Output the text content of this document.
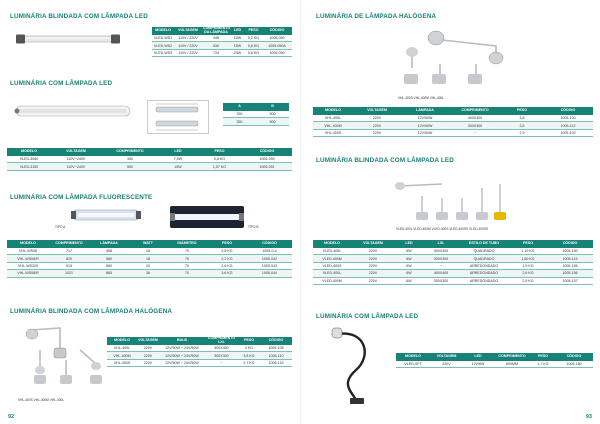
LUMINÁRIA BLINDADA COM LÂMPADA LED
MODELO	VOLTAGEM	COMPRIMENTO DA LÂMPADA	LED	PESO	CÓDIGO
VLED-WS1	110V / 220V	446	10W	0,2 KG	1005-050
VLED-WS2	110V / 220V	530	15W	0,6 KG	1005-050A
VLED-WS3	110V / 220V	734	24W	0,6 KG	1005-050
LUMINÁRIA COM LÂMPADA LED
A	B
250	500
350	500
MODELO	VOLTAGEM	COMPRIMENTO	LED	PESO	CÓDIGO
VLED-3060	110V~240V	300	7,5W	0,8 KG	1005-090
VLED-3150	110V~240V	500	15W	1,07 KG	1005-091
LUMINÁRIA COM LÂMPADA FLUORESCENTE
TIPO A	TIPO B
MODELO	COMPRIMENTO	LÂMPADA	WATT	DIÂMETRO	PESO	CÓDIGO
VHL-WS08	717	458	15	70	2,8 KG	1005-0-4
VHL-WS08/R	820	560	18	70	2,2 KG	1005-042
VHL-WS320	915	560	20	70	2,6 KG	1005-043
VHL-WS08/R	1021	865	36	70	3,6 KG	1005-044
LUMINÁRIA BLINDADA COM LÂMPADA HALÓGENA
VHL-400S VHL-400M VHL-400L
MODELO	VOLTAGEM	BULB	COMPRIMENTO LXL	PESO	CÓDIGO
VHL-400L	220V	12V/50W ~ 24V/50W	400X400	4 KG	1005-105
VHL-400M	220V	12V/50W ~ 24V/50W	300X300	3,8 KG	1005-110
VHL-400S	220V	12V/50W ~ 24V/50W	~	2,7 KG	1005-115
92
LUMINÁRIA DE LÂMPADA HALÓGENA
VHL-400S VHL-400M VHL-400L
MODELO	VOLTAGEM	LÂMPADA	COMPRIMENTO	PESO	CÓDIGO
VHL-400L	220V	12V/50W	400X400	3,8	1005-100
VHL-400M	220V	12V/50W	300X300	3,5	1005-112
VHL-400S	220V	12V/50W	~	2,9	1005-102
LUMINÁRIA BLINDADA COM LÂMPADA LED
VLED-400L VLED-400M VLED-400S VLED-400SS VLED-400SS
MODELO	VOLTAGEM	LED	LXL	ESTILO DE TUBO	PESO	CÓDIGO
VLED-400L	220V	6W	400X400	QUADRADO	1,10 KG	1005-150
VLED-400M	220V	6W	300X300	QUADRADO	1,60 KG	1005-115
VLED-400S	220V	6W	~	ARREDONDADO	1,9 KG	1005-155
VLED-400L	220V	6W	400X400	ARREDONDADO	2,6 KG	1005-156
VLED-400M	220V	6W	300X300	ARREDONDADO	2,5 KG	1005-157
LUMINÁRIA COM LÂMPADA LED
MODELO	VOLTAGEM	LED	COMPRIMENTO	PESO	CÓDIGO
VLED-SFT	220V	12V/6W	600MM	1,7 KG	1005-180
93
